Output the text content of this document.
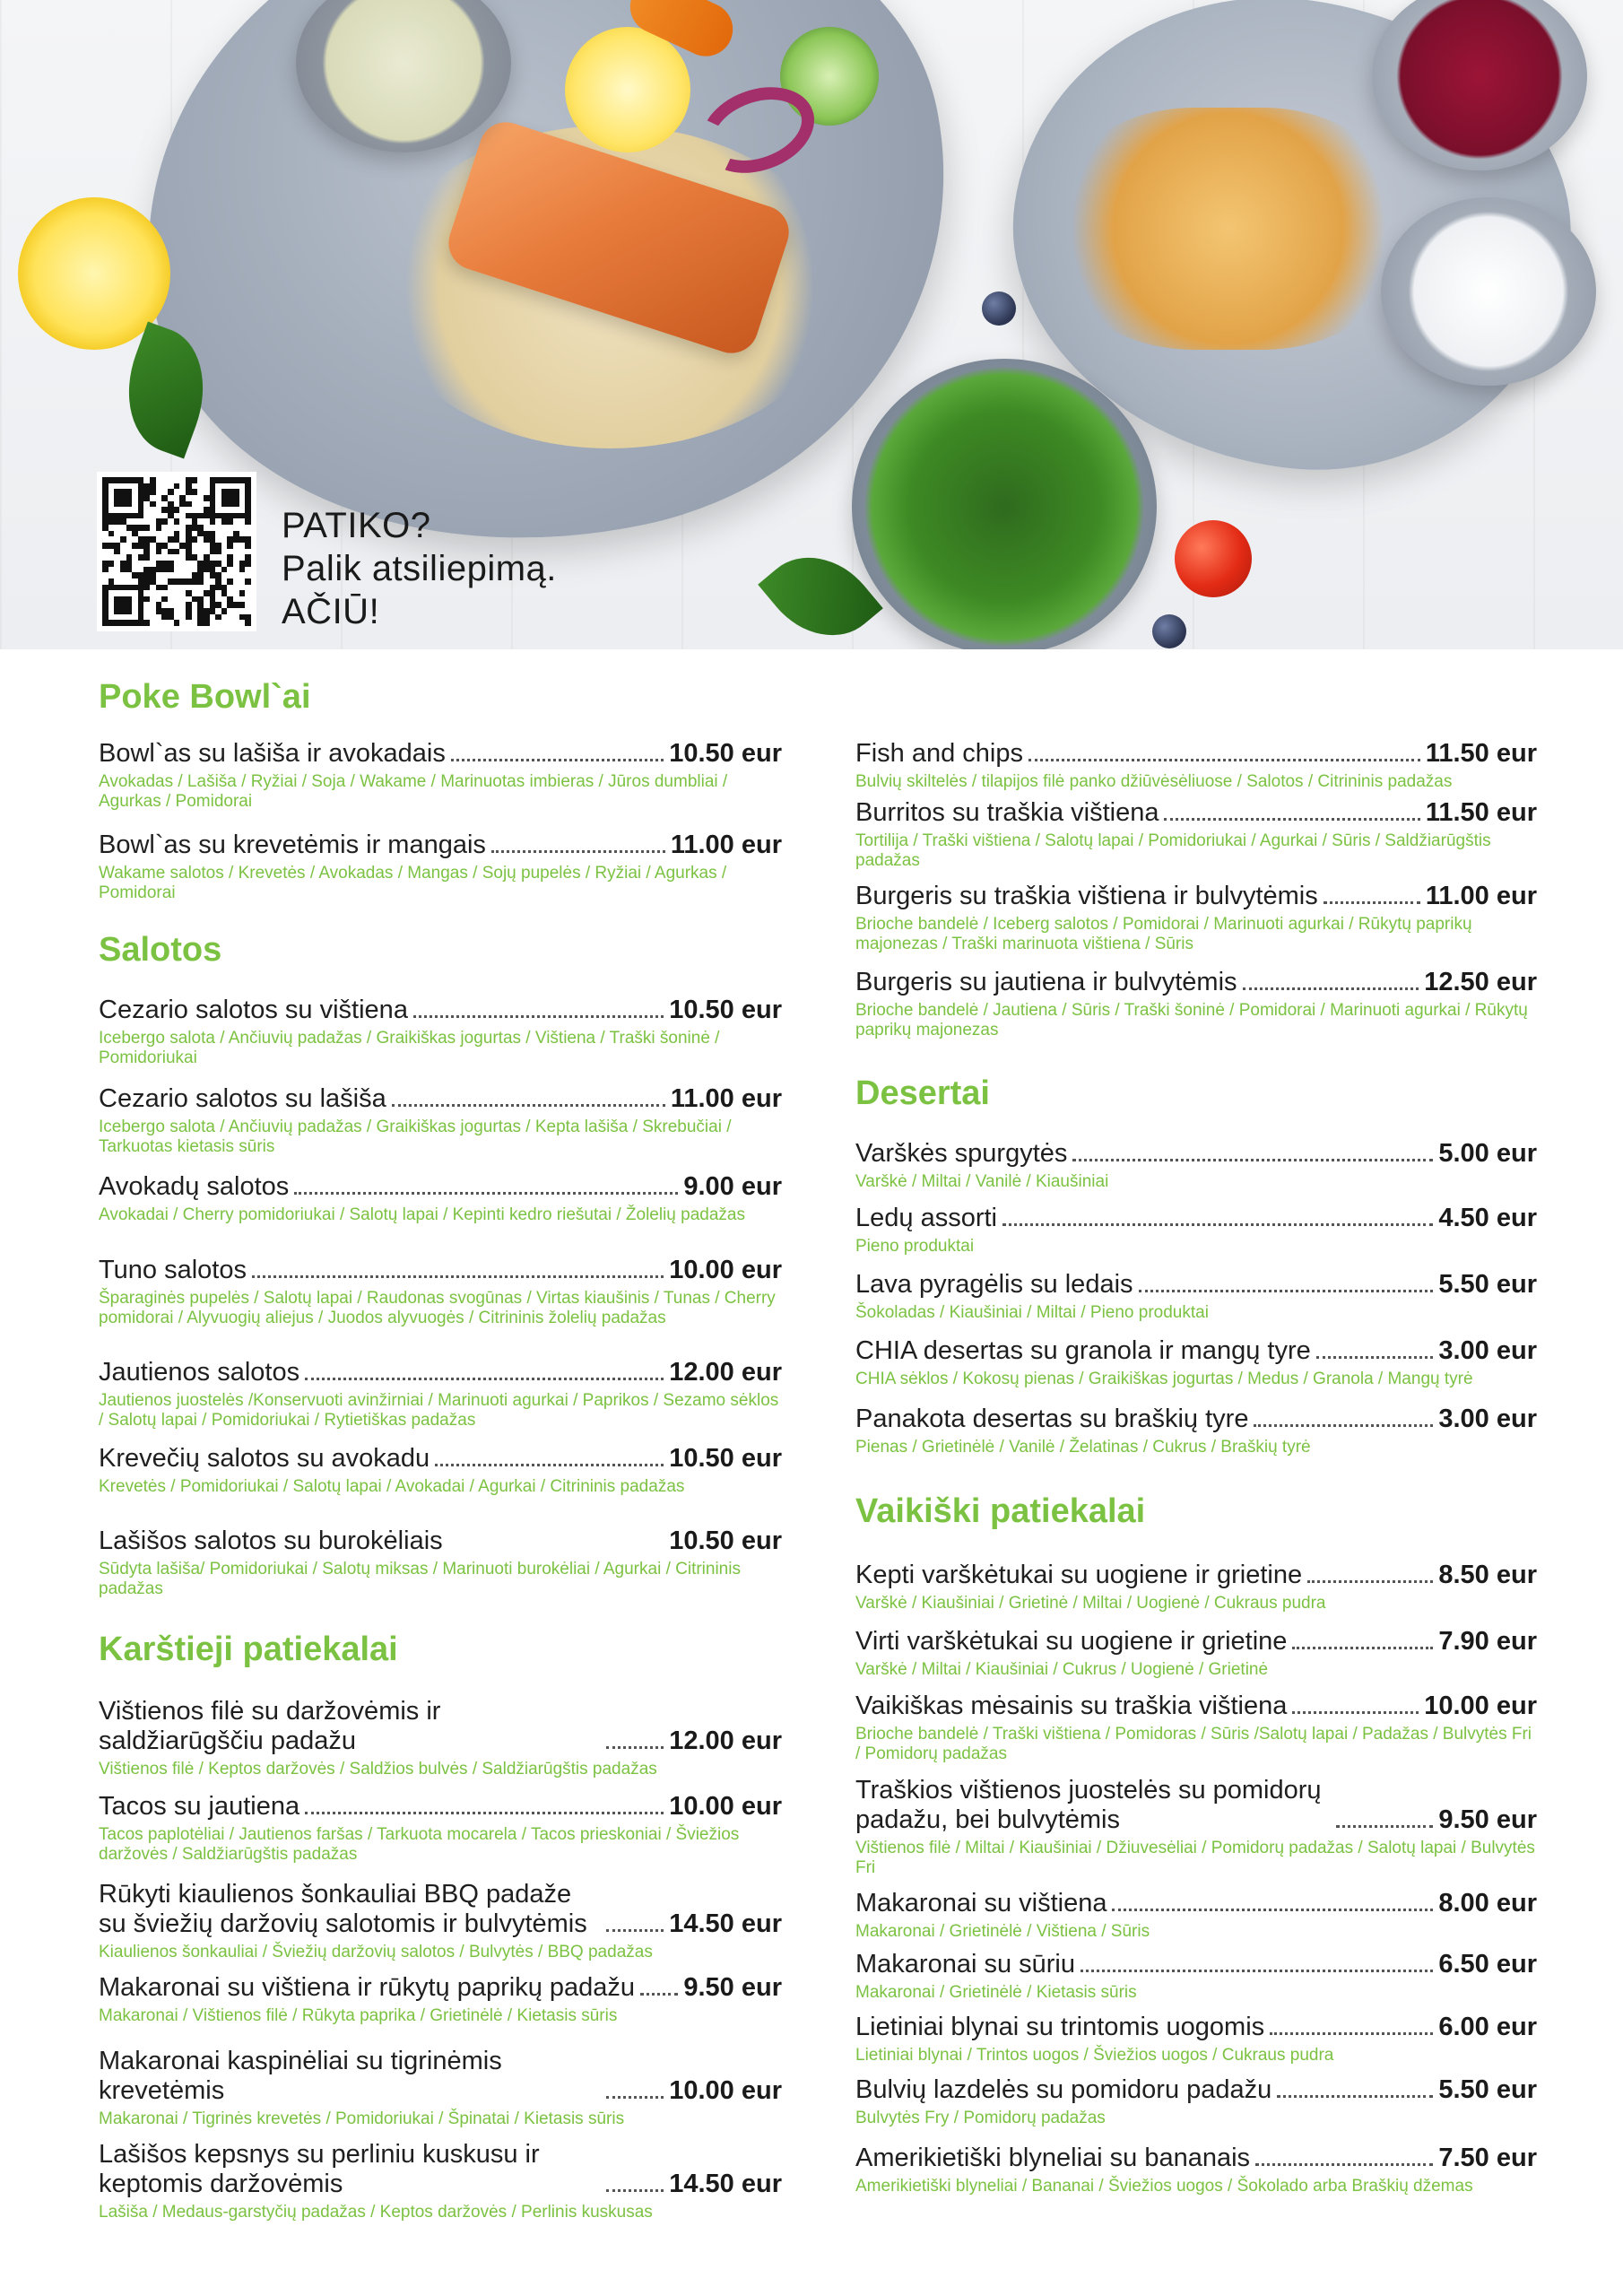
PATIKO?
Palik atsiliepimą.
AČIŪ!
Poke Bowl`ai
Bowl`as su lašiša ir avokadais	10.50 eur
Avokadas / Lašiša / Ryžiai / Soja / Wakame / Marinuotas imbieras / Jūros dumbliai / Agurkas / Pomidorai
Bowl`as su krevetėmis ir mangais	11.00 eur
Wakame salotos / Krevetės / Avokadas / Mangas / Sojų pupelės / Ryžiai / Agurkas / Pomidorai
Salotos
Cezario salotos su vištiena	10.50 eur
Icebergo salota / Ančiuvių padažas / Graikiškas jogurtas / Vištiena / Traški šoninė / Pomidoriukai
Cezario salotos su lašiša	11.00 eur
Icebergo salota / Ančiuvių padažas / Graikiškas jogurtas / Kepta lašiša / Skrebučiai / Tarkuotas kietasis sūris
Avokadų salotos	9.00 eur
Avokadai / Cherry pomidoriukai / Salotų lapai / Kepinti kedro riešutai / Žolelių padažas
Tuno salotos	10.00 eur
Šparaginės pupelės / Salotų lapai / Raudonas svogūnas / Virtas kiaušinis / Tunas / Cherry pomidorai / Alyvuogių aliejus / Juodos alyvuogės / Citrininis žolelių padažas
Jautienos salotos	12.00 eur
Jautienos juostelės /Konservuoti avinžirniai / Marinuoti agurkai / Paprikos / Sezamo sėklos / Salotų lapai / Pomidoriukai / Rytietiškas padažas
Krevečių salotos su avokadu	10.50 eur
Krevetės / Pomidoriukai / Salotų lapai / Avokadai / Agurkai / Citrininis padažas
Lašišos salotos su burokėliais	10.50 eur
Sūdyta lašiša/ Pomidoriukai / Salotų miksas / Marinuoti burokėliai / Agurkai / Citrininis padažas
Karštieji patiekalai
Vištienos filė su daržovėmis ir saldžiarūgščiu padažu	12.00 eur
Vištienos filė / Keptos daržovės / Saldžios bulvės / Saldžiarūgštis padažas
Tacos su jautiena	10.00 eur
Tacos paplotėliai / Jautienos faršas / Tarkuota mocarela / Tacos prieskoniai / Šviežios daržovės / Saldžiarūgštis padažas
Rūkyti kiaulienos šonkauliai BBQ padaže su šviežių daržovių salotomis ir bulvytėmis	14.50 eur
Kiaulienos šonkauliai / Šviežių daržovių salotos / Bulvytės / BBQ padažas
Makaronai su vištiena ir rūkytų paprikų padažu 9.50 eur
Makaronai / Vištienos filė / Rūkyta paprika / Grietinėlė / Kietasis sūris
Makaronai kaspinėliai su tigrinėmis krevetėmis	10.00 eur
Makaronai / Tigrinės krevetės / Pomidoriukai / Špinatai / Kietasis sūris
Lašišos kepsnys su perliniu kuskusu ir keptomis daržovėmis	14.50 eur
Lašiša / Medaus-garstyčių padažas / Keptos daržovės / Perlinis kuskusas
Fish and chips	11.50 eur
Bulvių skiltelės / tilapijos filė panko džiūvėsėliuose / Salotos / Citrininis padažas
Burritos su traškia vištiena	11.50 eur
Tortilija / Traški vištiena / Salotų lapai / Pomidoriukai / Agurkai / Sūris / Saldžiarūgštis padažas
Burgeris su traškia vištiena ir bulvytėmis	11.00 eur
Brioche bandelė / Iceberg salotos / Pomidorai / Marinuoti agurkai / Rūkytų paprikų majonezas / Traški marinuota vištiena / Sūris
Burgeris su jautiena ir bulvytėmis	12.50 eur
Brioche bandelė / Jautiena / Sūris / Traški šoninė / Pomidorai / Marinuoti agurkai / Rūkytų paprikų majonezas
Desertai
Varškės spurgytės	5.00 eur
Varškė / Miltai / Vanilė / Kiaušiniai
Ledų assorti	4.50 eur
Pieno produktai
Lava pyragėlis su ledais	5.50 eur
Šokoladas / Kiaušiniai / Miltai / Pieno produktai
CHIA desertas su granola ir mangų tyre	3.00 eur
CHIA sėklos / Kokosų pienas / Graikiškas jogurtas / Medus / Granola / Mangų tyrė
Panakota desertas su braškių tyre	3.00 eur
Pienas / Grietinėlė / Vanilė / Želatinas / Cukrus / Braškių tyrė
Vaikiški patiekalai
Kepti varškėtukai su uogiene ir grietine	8.50 eur
Varškė / Kiaušiniai / Grietinė / Miltai / Uogienė / Cukraus pudra
Virti varškėtukai su uogiene ir grietine	7.90 eur
Varškė / Miltai / Kiaušiniai / Cukrus / Uogienė / Grietinė
Vaikiškas mėsainis su traškia vištiena	10.00 eur
Brioche bandelė / Traški vištiena / Pomidoras / Sūris /Salotų lapai / Padažas / Bulvytės Fri / Pomidorų padažas
Traškios vištienos juostelės su pomidorų padažu, bei bulvytėmis	9.50 eur
Vištienos filė / Miltai / Kiaušiniai / Džiuvesėliai / Pomidorų padažas / Salotų lapai / Bulvytės Fri
Makaronai su vištiena	8.00 eur
Makaronai / Grietinėlė / Vištiena / Sūris
Makaronai su sūriu	6.50 eur
Makaronai / Grietinėlė / Kietasis sūris
Lietiniai blynai su trintomis uogomis	6.00 eur
Lietiniai blynai / Trintos uogos / Šviežios uogos / Cukraus pudra
Bulvių lazdelės su pomidoru padažu	5.50 eur
Bulvytės Fry / Pomidorų padažas
Amerikietiški blyneliai su bananais	7.50 eur
Amerikietiški blyneliai / Bananai / Šviežios uogos / Šokolado arba Braškių džemas
